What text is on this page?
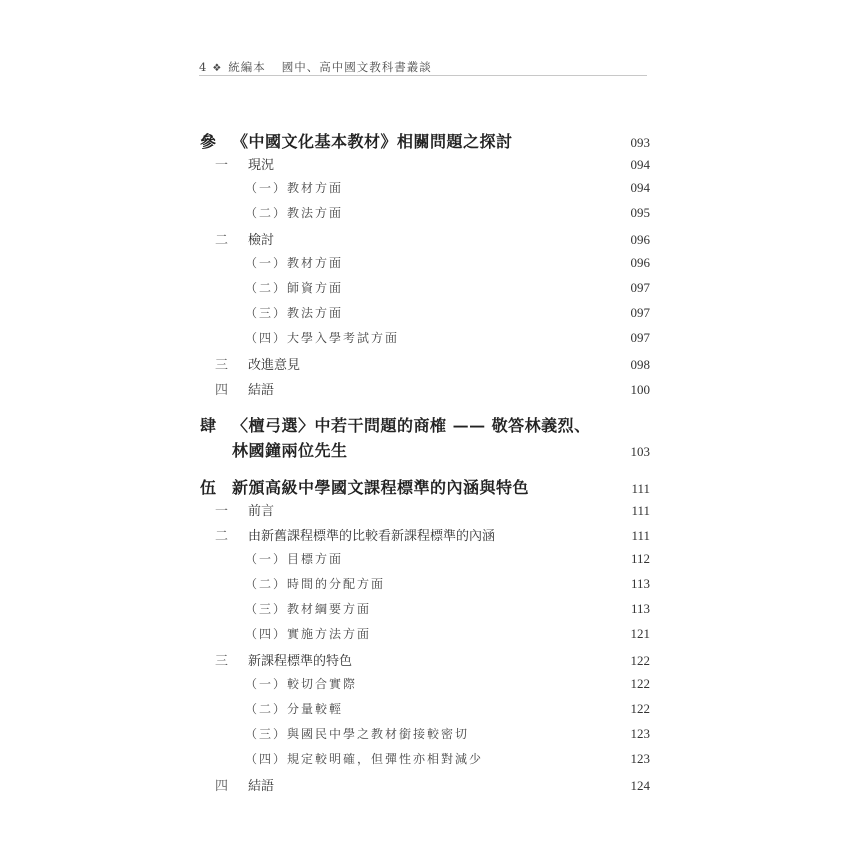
4 ❖ 統編本 國中、高中國文教科書叢談
參 《中國文化基本教材》相關問題之探討	093
一	現況	094
（一）教材方面	094
（二）教法方面	095
二	檢討	096
（一）教材方面	096
（二）師資方面	097
（三）教法方面	097
（四）大學入學考試方面	097
三	改進意見	098
四	結語	100
肆 〈檀弓選〉中若干問題的商榷 —— 敬答林義烈、
林國鐘兩位先生	103
伍 新頒高級中學國文課程標準的內涵與特色	111
一	前言	111
二	由新舊課程標準的比較看新課程標準的內涵	111
（一）目標方面	112
（二）時間的分配方面	113
（三）教材綱要方面	113
（四）實施方法方面	121
三	新課程標準的特色	122
（一）較切合實際	122
（二）分量較輕	122
（三）與國民中學之教材銜接較密切	123
（四）規定較明確，但彈性亦相對減少	123
四	結語	124
